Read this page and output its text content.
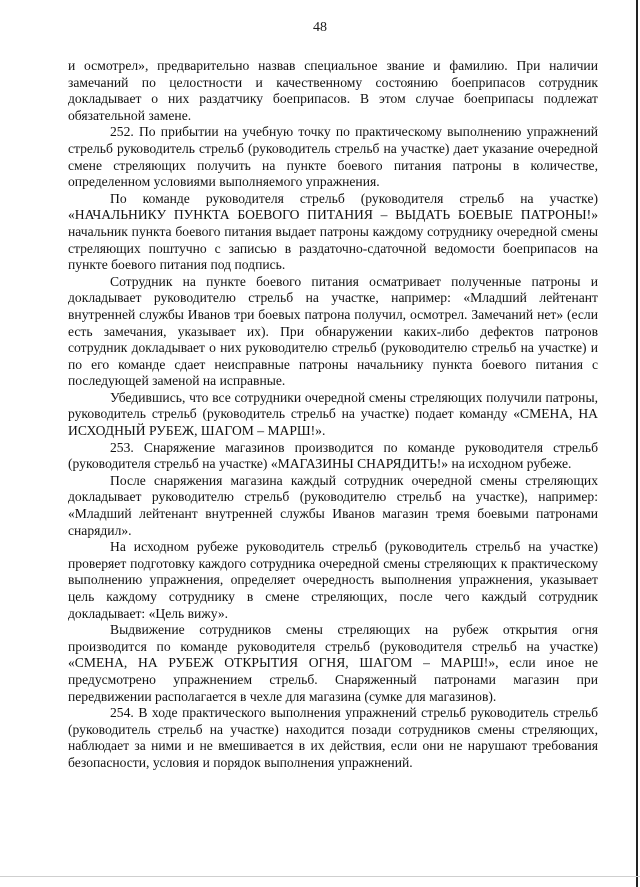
48

и осмотрел», предварительно назвав специальное звание и фамилию. При наличии замечаний по целостности и качественному состоянию боеприпасов сотрудник докладывает о них раздатчику боеприпасов. В этом случае боеприпасы подлежат обязательной замене.

252. По прибытии на учебную точку по практическому выполнению упражнений стрельб руководитель стрельб (руководитель стрельб на участке) дает указание очередной смене стреляющих получить на пункте боевого питания патроны в количестве, определенном условиями выполняемого упражнения.

По команде руководителя стрельб (руководителя стрельб на участке) «НАЧАЛЬНИКУ ПУНКТА БОЕВОГО ПИТАНИЯ – ВЫДАТЬ БОЕВЫЕ ПАТРОНЫ!» начальник пункта боевого питания выдает патроны каждому сотруднику очередной смены стреляющих поштучно с записью в раздаточно-сдаточной ведомости боеприпасов на пункте боевого питания под подпись.

Сотрудник на пункте боевого питания осматривает полученные патроны и докладывает руководителю стрельб на участке, например: «Младший лейтенант внутренней службы Иванов три боевых патрона получил, осмотрел. Замечаний нет» (если есть замечания, указывает их). При обнаружении каких-либо дефектов патронов сотрудник докладывает о них руководителю стрельб (руководителю стрельб на участке) и по его команде сдает неисправные патроны начальнику пункта боевого питания с последующей заменой на исправные.

Убедившись, что все сотрудники очередной смены стреляющих получили патроны, руководитель стрельб (руководитель стрельб на участке) подает команду «СМЕНА, НА ИСХОДНЫЙ РУБЕЖ, ШАГОМ – МАРШ!».

253. Снаряжение магазинов производится по команде руководителя стрельб (руководителя стрельб на участке) «МАГАЗИНЫ СНАРЯДИТЬ!» на исходном рубеже.

После снаряжения магазина каждый сотрудник очередной смены стреляющих докладывает руководителю стрельб (руководителю стрельб на участке), например: «Младший лейтенант внутренней службы Иванов магазин тремя боевыми патронами снарядил».

На исходном рубеже руководитель стрельб (руководитель стрельб на участке) проверяет подготовку каждого сотрудника очередной смены стреляющих к практическому выполнению упражнения, определяет очередность выполнения упражнения, указывает цель каждому сотруднику в смене стреляющих, после чего каждый сотрудник докладывает: «Цель вижу».

Выдвижение сотрудников смены стреляющих на рубеж открытия огня производится по команде руководителя стрельб (руководителя стрельб на участке) «СМЕНА, НА РУБЕЖ ОТКРЫТИЯ ОГНЯ, ШАГОМ – МАРШ!», если иное не предусмотрено упражнением стрельб. Снаряженный патронами магазин при передвижении располагается в чехле для магазина (сумке для магазинов).

254. В ходе практического выполнения упражнений стрельб руководитель стрельб (руководитель стрельб на участке) находится позади сотрудников смены стреляющих, наблюдает за ними и не вмешивается в их действия, если они не нарушают требования безопасности, условия и порядок выполнения упражнений.
